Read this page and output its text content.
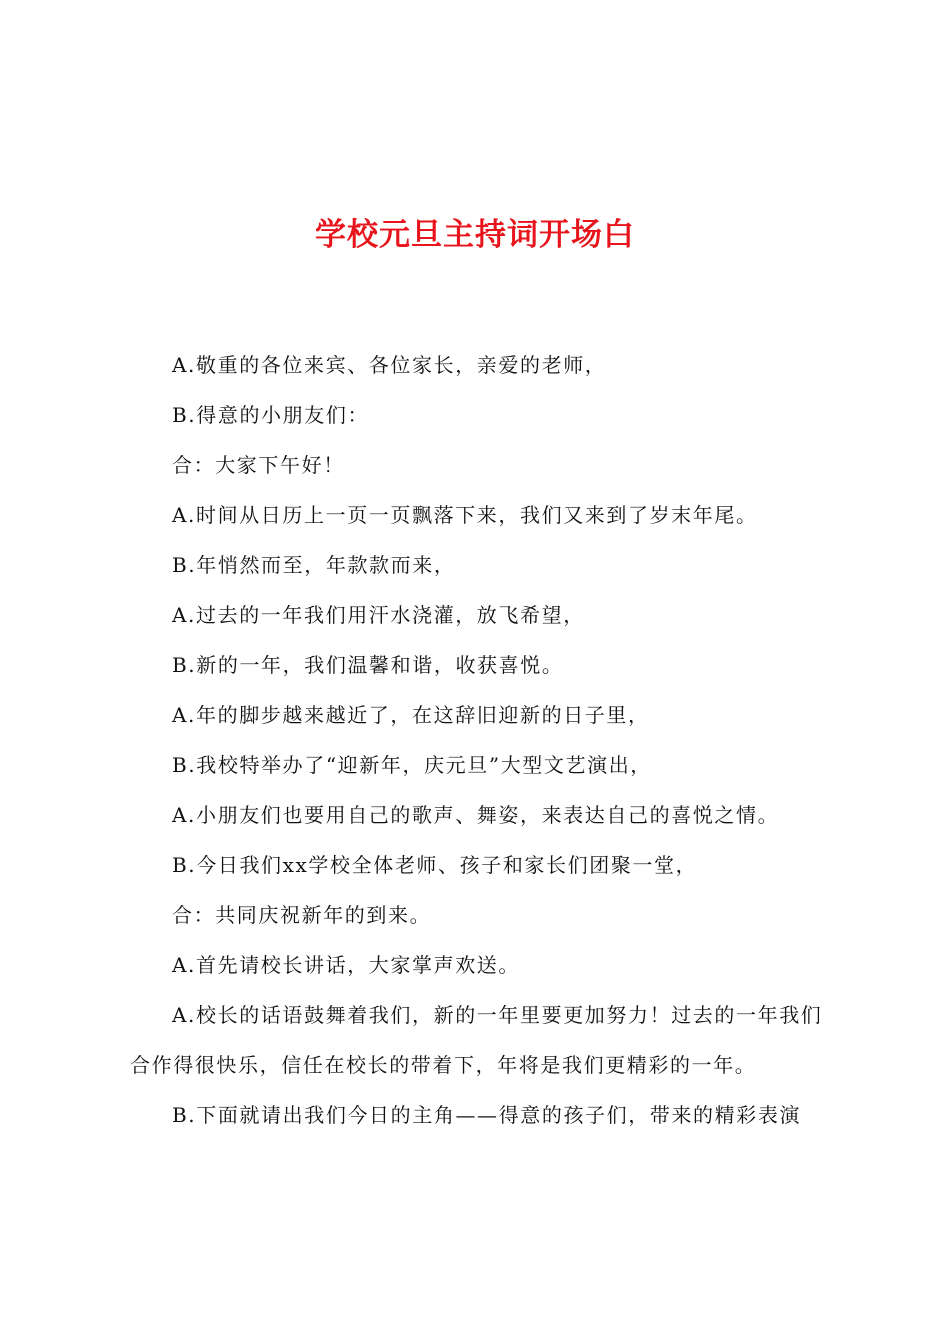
学校元旦主持词开场白

A.敬重的各位来宾、各位家长，亲爱的老师，

B.得意的小朋友们：

合：大家下午好！

A.时间从日历上一页一页飘落下来，我们又来到了岁末年尾。

B.年悄然而至，年款款而来，

A.过去的一年我们用汗水浇灌，放飞希望，

B.新的一年，我们温馨和谐，收获喜悦。

A.年的脚步越来越近了，在这辞旧迎新的日子里，

B.我校特举办了“迎新年，庆元旦”大型文艺演出，

A.小朋友们也要用自己的歌声、舞姿，来表达自己的喜悦之情。

B.今日我们xx学校全体老师、孩子和家长们团聚一堂，

合：共同庆祝新年的到来。

A.首先请校长讲话，大家掌声欢送。

A.校长的话语鼓舞着我们，新的一年里要更加努力！过去的一年我们合作得很快乐，信任在校长的带着下，年将是我们更精彩的一年。

B.下面就请出我们今日的主角——得意的孩子们，带来的精彩表演
